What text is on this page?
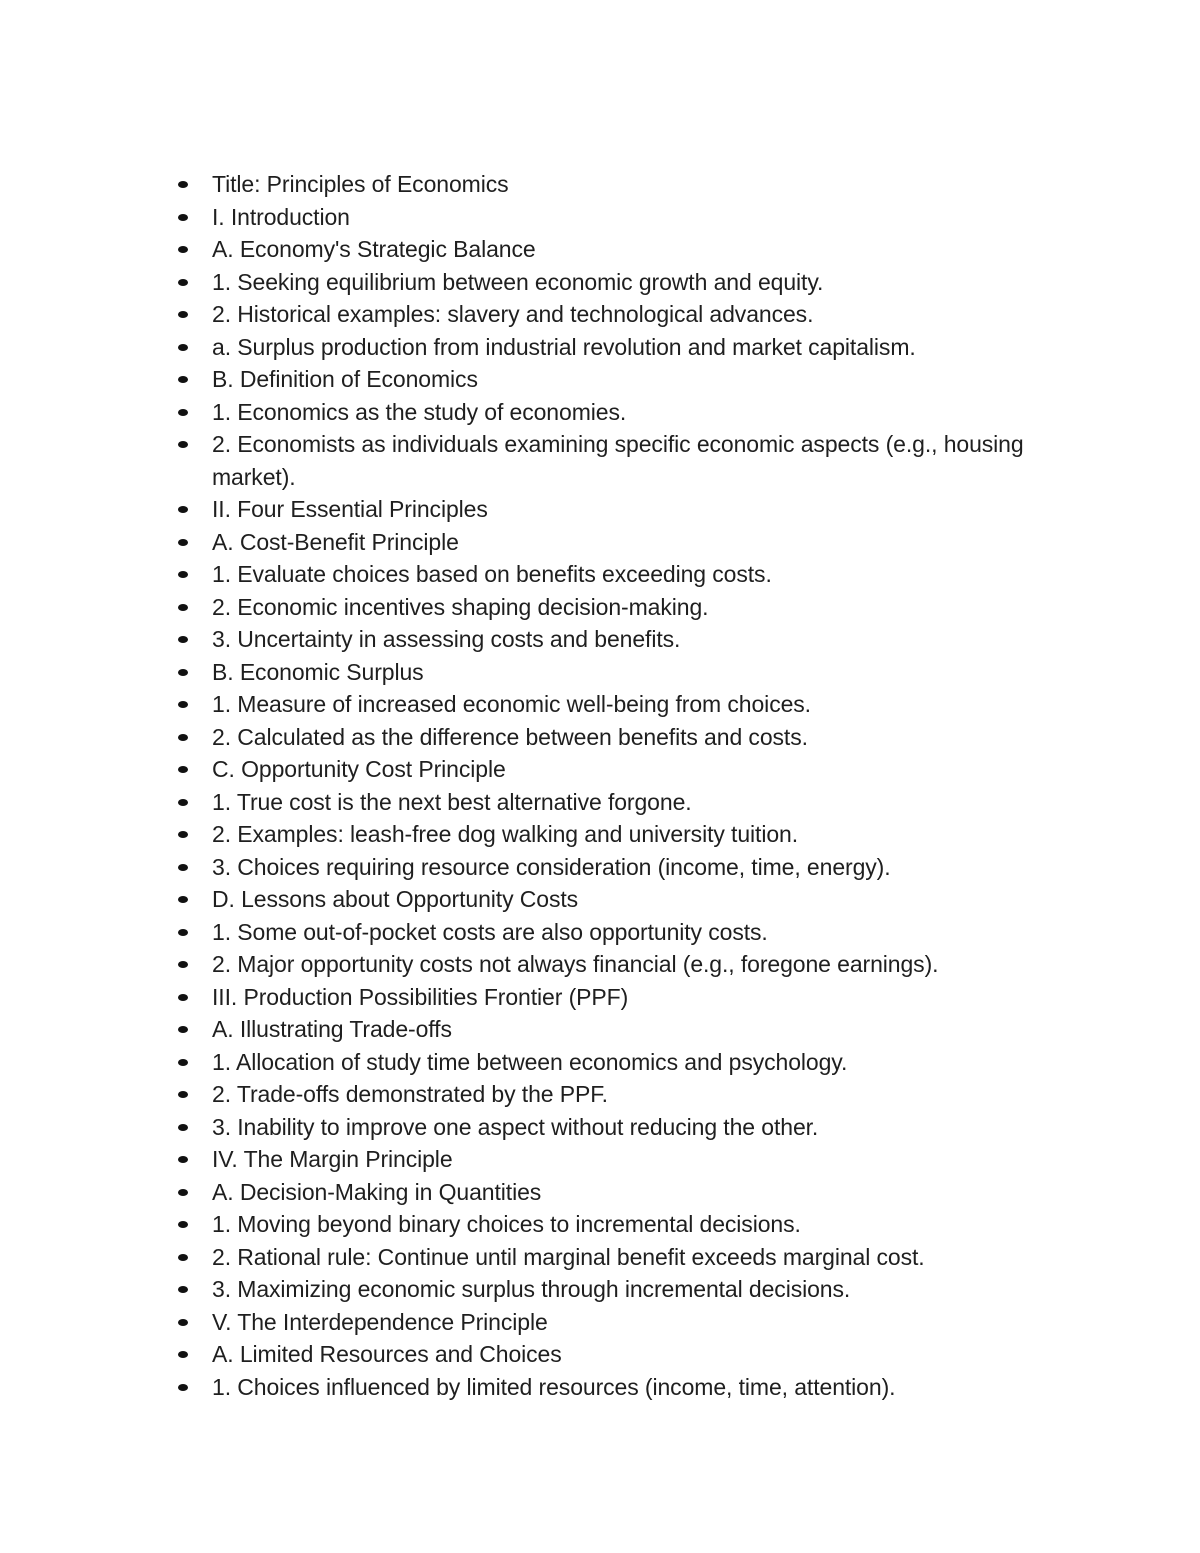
Title: Principles of Economics
I. Introduction
A. Economy's Strategic Balance
1. Seeking equilibrium between economic growth and equity.
2. Historical examples: slavery and technological advances.
a. Surplus production from industrial revolution and market capitalism.
B. Definition of Economics
1. Economics as the study of economies.
2. Economists as individuals examining specific economic aspects (e.g., housing market).
II. Four Essential Principles
A. Cost-Benefit Principle
1. Evaluate choices based on benefits exceeding costs.
2. Economic incentives shaping decision-making.
3. Uncertainty in assessing costs and benefits.
B. Economic Surplus
1. Measure of increased economic well-being from choices.
2. Calculated as the difference between benefits and costs.
C. Opportunity Cost Principle
1. True cost is the next best alternative forgone.
2. Examples: leash-free dog walking and university tuition.
3. Choices requiring resource consideration (income, time, energy).
D. Lessons about Opportunity Costs
1. Some out-of-pocket costs are also opportunity costs.
2. Major opportunity costs not always financial (e.g., foregone earnings).
III. Production Possibilities Frontier (PPF)
A. Illustrating Trade-offs
1. Allocation of study time between economics and psychology.
2. Trade-offs demonstrated by the PPF.
3. Inability to improve one aspect without reducing the other.
IV. The Margin Principle
A. Decision-Making in Quantities
1. Moving beyond binary choices to incremental decisions.
2. Rational rule: Continue until marginal benefit exceeds marginal cost.
3. Maximizing economic surplus through incremental decisions.
V. The Interdependence Principle
A. Limited Resources and Choices
1. Choices influenced by limited resources (income, time, attention).
